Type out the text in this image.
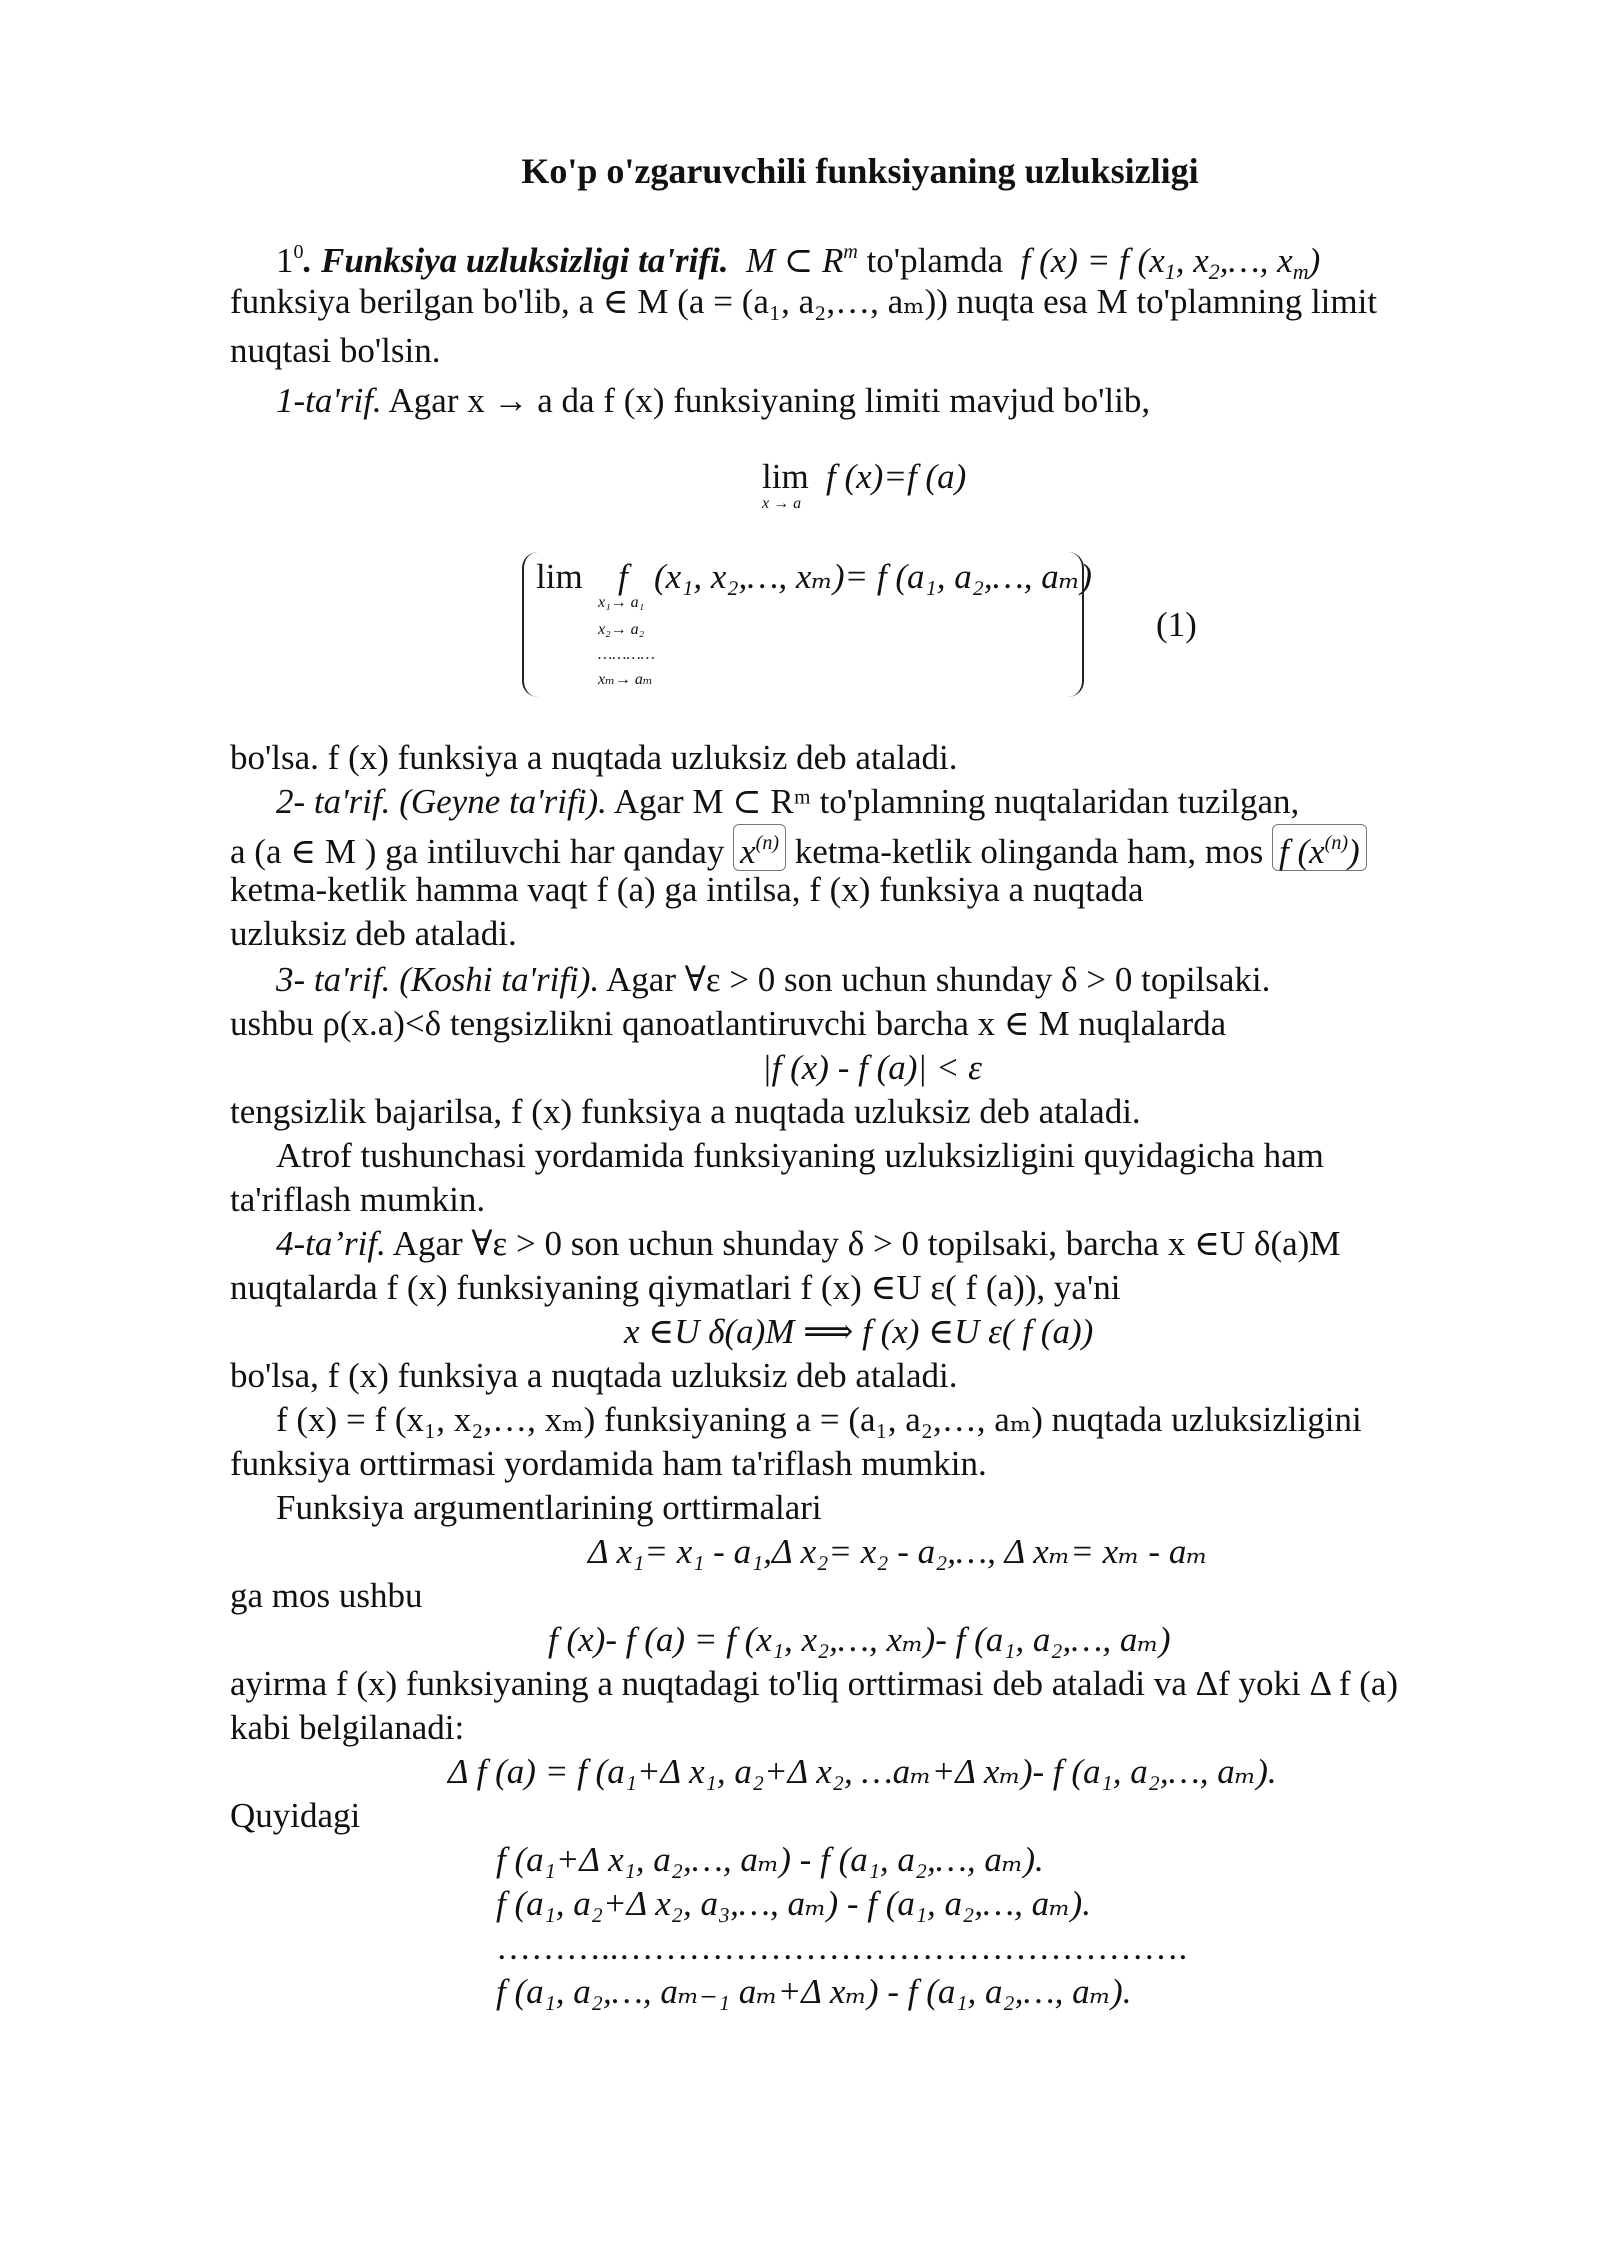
Ko'p o'zgaruvchili funksiyaning uzluksizligi
$1^0$. Funksiya uzluksizligi ta'rifi.  M ⊂ $R^m$ to'plamda  f (x) = f ($x_1$, $x_2,\dots$, $x_m$)
funksiya berilgan bo'lib, a ∈ M (a = (a₁, a₂,…, aₘ)) nuqta esa M to'plamning limit
nuqtasi bo'lsin.
1-ta'rif. Agar x → a da f (x) funksiyaning limiti mavjud bo'lib,
lim
x → a
f (x)=f (a)
lim
x₁→ a₁
x₂→ a₂
…………
xₘ→ aₘ
f   (x₁, x₂,…, xₘ)= f (a₁, a₂,…, aₘ)
(1)
bo'lsa. f (x) funksiya a nuqtada uzluksiz deb ataladi.
2- ta'rif. (Geyne ta'rifi). Agar M ⊂ Rᵐ to'plamning nuqtalaridan tuzilgan,
a (a ∈ M ) ga intiluvchi har qanday $x^{(n)}$ ketma-ketlik olinganda ham, mos f $(x^{(n)})$
ketma-ketlik hamma vaqt f (a) ga intilsa, f (x) funksiya a nuqtada
uzluksiz deb ataladi.
3- ta'rif. (Koshi ta'rifi). Agar ∀ε > 0 son uchun shunday δ > 0 topilsaki.
ushbu ρ(x.a)<δ tengsizlikni qanoatlantiruvchi barcha x ∈ M nuqlalarda
|f (x) - f (a)| < ε
tengsizlik bajarilsa, f (x) funksiya a nuqtada uzluksiz deb ataladi.
Atrof tushunchasi yordamida funksiyaning uzluksizligini quyidagicha ham
ta'riflash mumkin.
4-ta’rif. Agar ∀ε > 0 son uchun shunday δ > 0 topilsaki, barcha x ∈U δ(a)M
nuqtalarda f (x) funksiyaning qiymatlari f (x) ∈U ε( f (a)), ya'ni
x ∈U δ(a)M ⟹ f (x) ∈U ε( f (a))
bo'lsa, f (x) funksiya a nuqtada uzluksiz deb ataladi.
f (x) = f (x₁, x₂,…, xₘ) funksiyaning a = (a₁, a₂,…, aₘ) nuqtada uzluksizligini
funksiya orttirmasi yordamida ham ta'riflash mumkin.
Funksiya argumentlarining orttirmalari
Δ x₁= x₁ - a₁,Δ x₂= x₂ - a₂,…, Δ xₘ= xₘ - aₘ
ga mos ushbu
f (x)- f (a) = f (x₁, x₂,…, xₘ)- f (a₁, a₂,…, aₘ)
ayirma f (x) funksiyaning a nuqtadagi to'liq orttirmasi deb ataladi va Δf yoki Δ f (a)
kabi belgilanadi:
Δ f (a) = f (a₁+Δ x₁, a₂+Δ x₂, …aₘ+Δ xₘ)- f (a₁, a₂,…, aₘ).
Quyidagi
f (a₁+Δ x₁, a₂,…, aₘ) - f (a₁, a₂,…, aₘ).
f (a₁, a₂+Δ x₂, a₃,…, aₘ) - f (a₁, a₂,…, aₘ).
………..………………………………………….
f (a₁, a₂,…, aₘ₋₁ aₘ+Δ xₘ) - f (a₁, a₂,…, aₘ).
